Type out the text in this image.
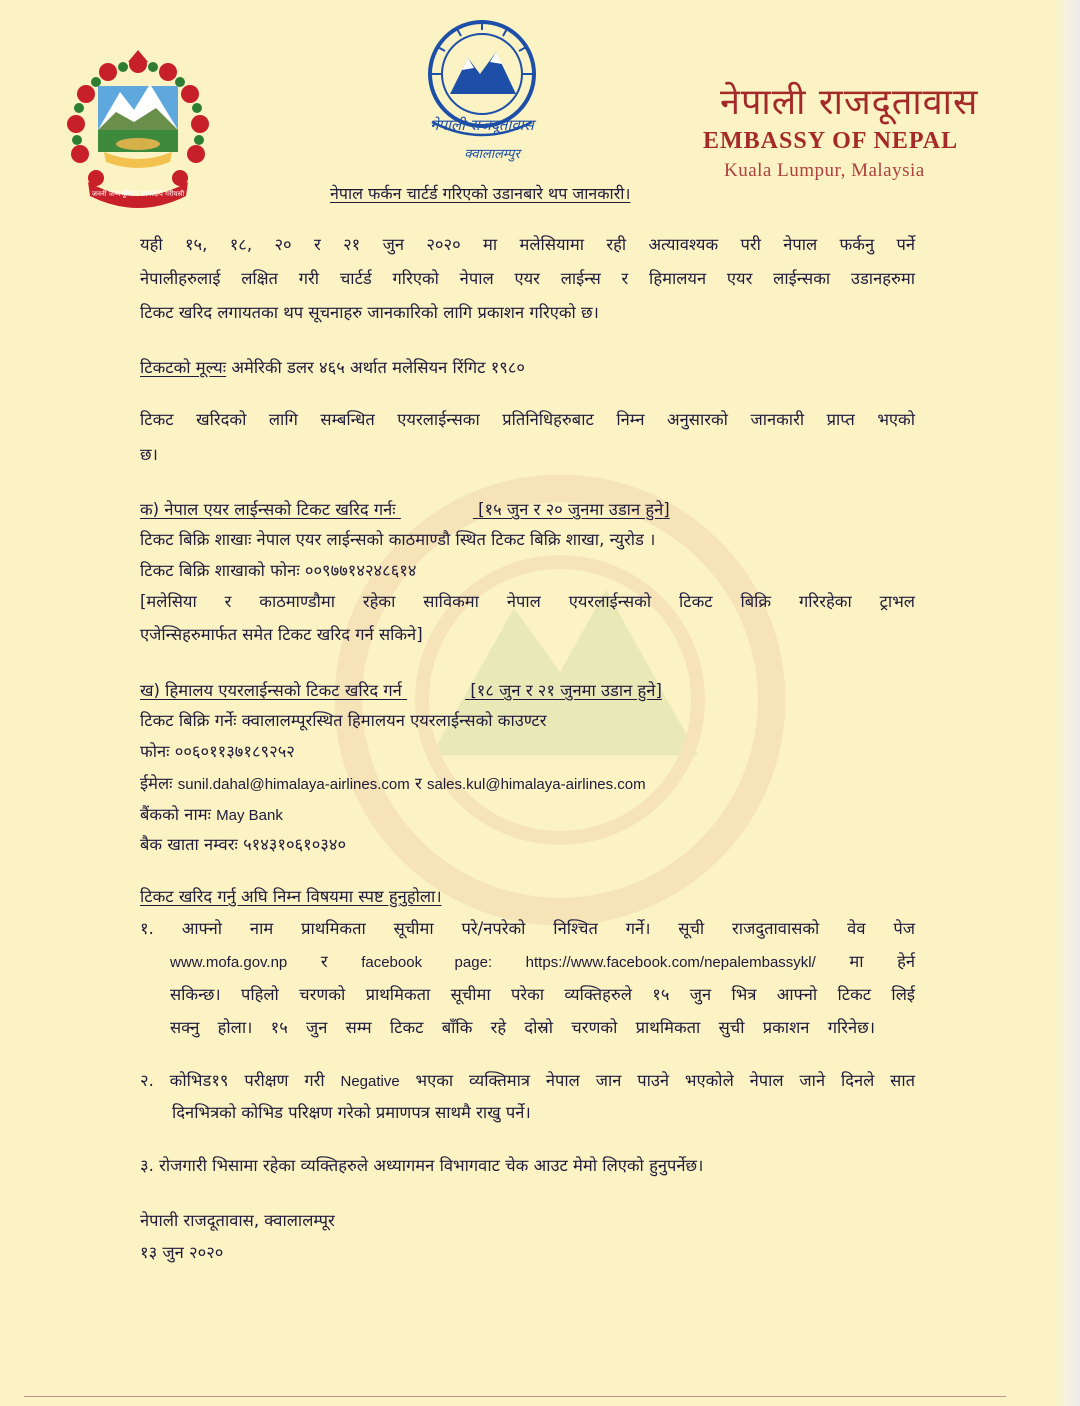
जननी जन्मभूमिश्च स्वर्गादपि गरीयसी
नेपाली राजदूतावास
क्वालालम्पुर
नेपाली राजदूतावास
EMBASSY OF NEPAL
Kuala Lumpur, Malaysia
नेपाल फर्कन चार्टर्ड गरिएको उडानबारे थप जानकारी।
यही १५, १८, २० र २१ जुन २०२० मा मलेसियामा रही अत्यावश्यक परी नेपाल फर्कनु पर्ने
नेपालीहरुलाई लक्षित गरी चार्टर्ड गरिएको नेपाल एयर लाईन्स र हिमालयन एयर लाईन्सका उडानहरुमा
टिकट खरिद लगायतका थप सूचनाहरु जानकारिको लागि प्रकाशन गरिएको छ।
टिकटको मूल्यः अमेरिकी डलर ४६५ अर्थात मलेसियन रिंगिट १९८०
टिकट खरिदको लागि सम्बन्धित एयरलाईन्सका प्रतिनिधिहरुबाट निम्न अनुसारको जानकारी प्राप्त भएको
छ।
क) नेपाल एयर लाईन्सको टिकट खरिद गर्नः	[१५ जुन र २० जुनमा उडान हुने]
टिकट बिक्रि शाखाः नेपाल एयर लाईन्सको काठमाण्डौ स्थित टिकट बिक्रि शाखा, न्युरोड ।
टिकट बिक्रि शाखाको फोनः ००९७७१४२४८६१४
[मलेसिया र काठमाण्डौमा रहेका साविकमा नेपाल एयरलाईन्सको टिकट बिक्रि गरिरहेका ट्राभल
एजेन्सिहरुमार्फत समेत टिकट खरिद गर्न सकिने]
ख) हिमालय एयरलाईन्सको टिकट खरिद गर्न	[१८ जुन र २१ जुनमा उडान हुने]
टिकट बिक्रि गर्नेः क्वालालम्पूरस्थित हिमालयन एयरलाईन्सको काउण्टर
फोनः ००६०११३७१८९२५२
ईमेलः sunil.dahal@himalaya-airlines.com र sales.kul@himalaya-airlines.com
बैंकको नामः May Bank
बैक खाता नम्वरः ५१४३१०६१०३४०
टिकट खरिद गर्नु अघि निम्न विषयमा स्पष्ट हुनुहोला।
१. आफ्नो नाम प्राथमिकता सूचीमा परे/नपरेको निश्चित गर्ने। सूची राजदुतावासको वेव पेज
www.mofa.gov.np र facebook page: https://www.facebook.com/nepalembassykl/ मा हेर्न
सकिन्छ। पहिलो चरणको प्राथमिकता सूचीमा परेका व्यक्तिहरुले १५ जुन भित्र आफ्नो टिकट लिई
सक्नु होला। १५ जुन सम्म टिकट बाँकि रहे दोस्रो चरणको प्राथमिकता सुची प्रकाशन गरिनेछ।
२. कोभिड१९ परीक्षण गरी Negative भएका व्यक्तिमात्र नेपाल जान पाउने भएकोले नेपाल जाने दिनले सात
दिनभित्रको कोभिड परिक्षण गरेको प्रमाणपत्र साथमै राखु पर्ने।
३. रोजगारी भिसामा रहेका व्यक्तिहरुले अध्यागमन विभागवाट चेक आउट मेमो लिएको हुनुपर्नेछ।
नेपाली राजदूतावास, क्वालालम्पूर
१३ जुन २०२०
